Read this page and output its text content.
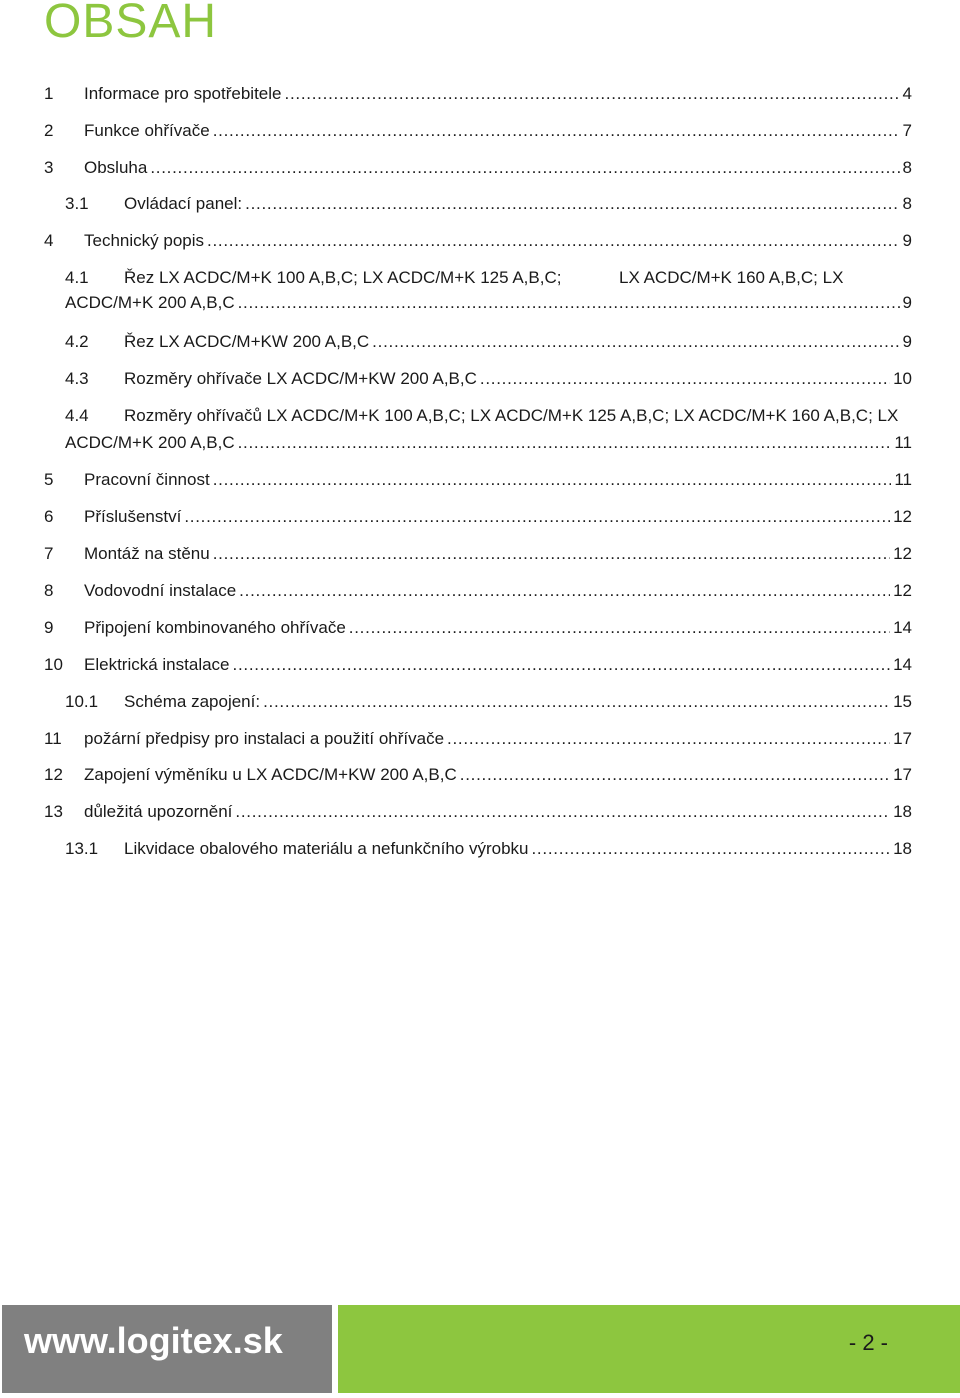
OBSAH
1	Informace pro spotřebitele . . .	4
2	Funkce ohřívače . . .	7
3	Obsluha . . .	8
3.1	Ovládací panel: . . .	8
4	Technický popis . . .	9
4.1 Řez LX ACDC/M+K 100 A,B,C; LX ACDC/M+K 125 A,B,C;	LX ACDC/M+K 160 A,B,C; LX
ACDC/M+K 200 A,B,C . . .	9
4.2	Řez LX ACDC/M+KW 200 A,B,C . . .	9
4.3	Rozměry ohřívače LX ACDC/M+KW 200 A,B,C . . .	10
4.4 Rozměry ohřívačů LX ACDC/M+K 100 A,B,C; LX ACDC/M+K 125 A,B,C; LX ACDC/M+K 160 A,B,C; LX
ACDC/M+K 200 A,B,C . . .	11
5	Pracovní činnost . . .	11
6	Příslušenství . . .	12
7	Montáž na stěnu . . .	12
8	Vodovodní instalace . . .	12
9	Připojení kombinovaného ohřívače . . .	14
10	Elektrická instalace . . .	14
10.1	Schéma zapojení: . . .	15
11	požární předpisy pro instalaci a použití ohřívače . . .	17
12	Zapojení výměníku u LX ACDC/M+KW 200 A,B,C . . .	17
13	důležitá upozornění . . .	18
13.1	Likvidace obalového materiálu a nefunkčního výrobku . . .	18
www.logitex.sk	- 2 -
